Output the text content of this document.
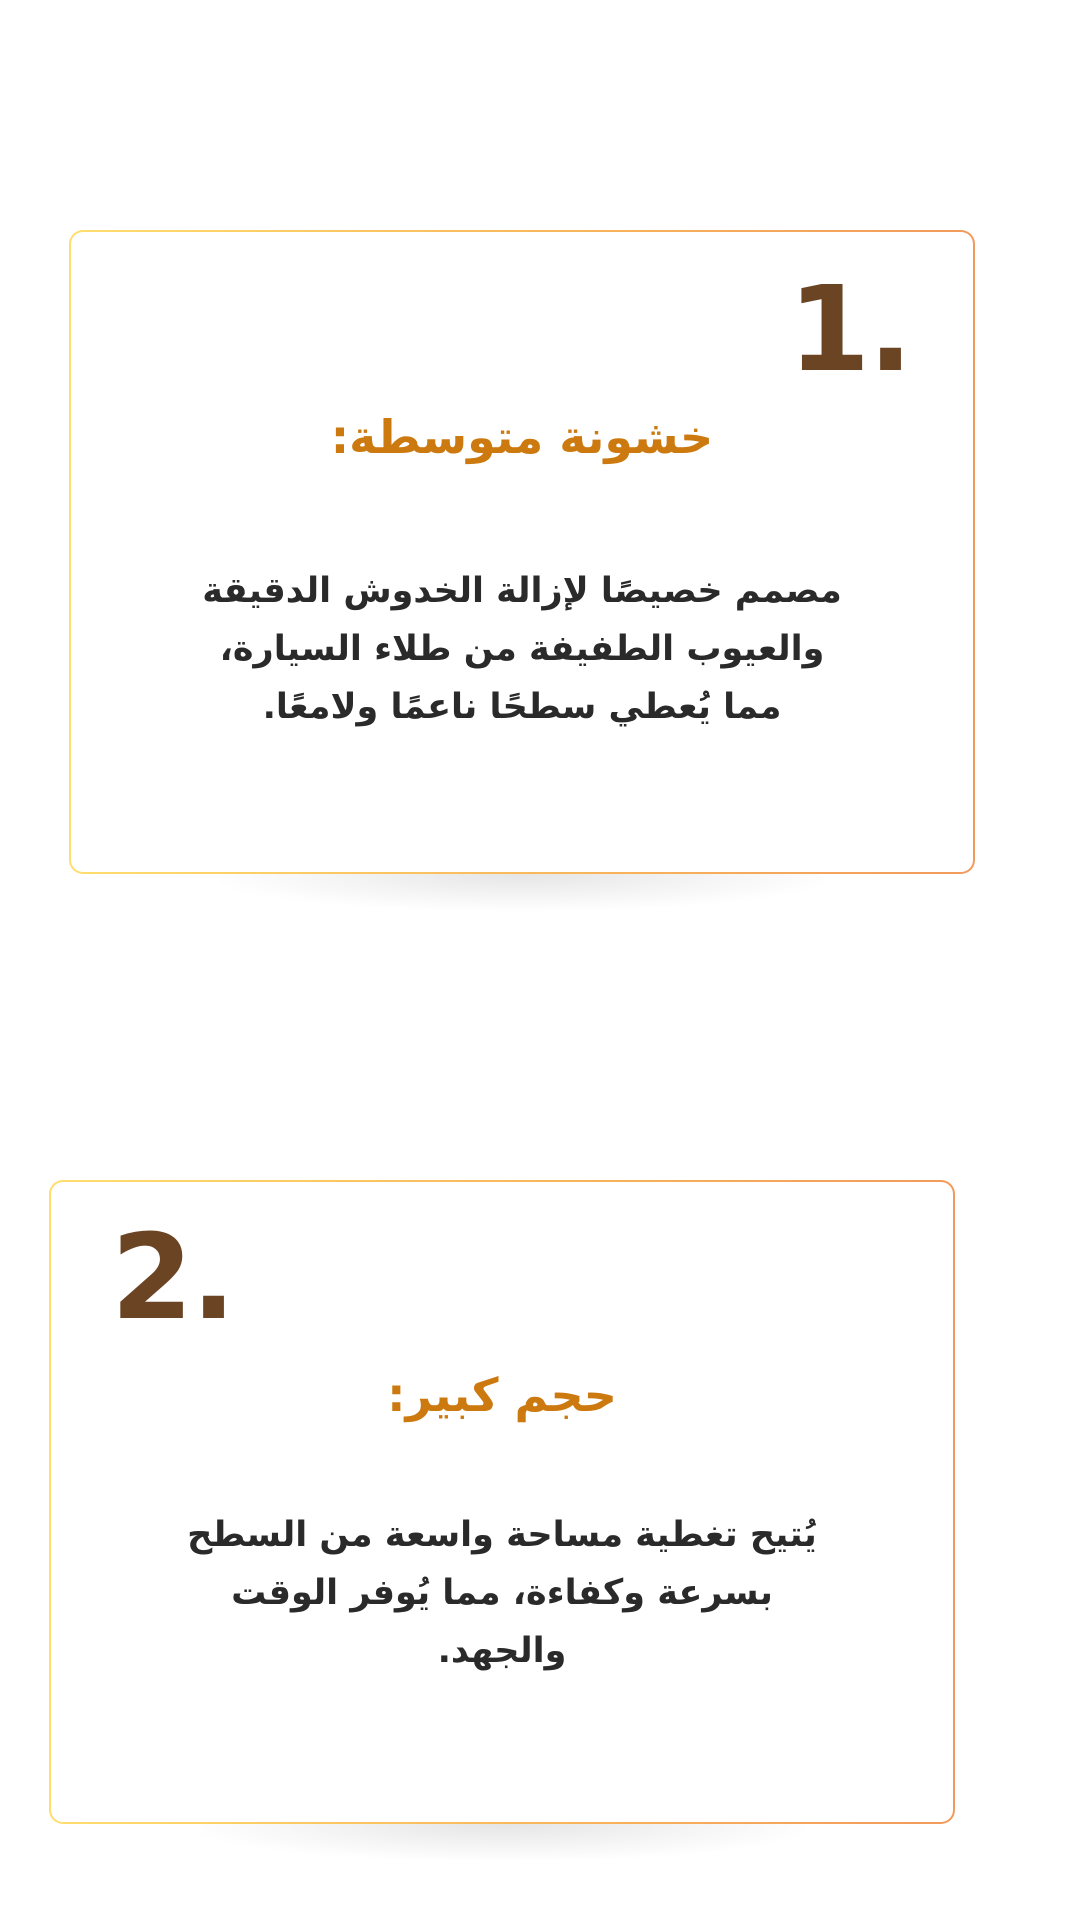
1.
خشونة متوسطة:
مصمم خصيصًا لإزالة الخدوش الدقيقة والعيوب الطفيفة من طلاء السيارة، مما يُعطي سطحًا ناعمًا ولامعًا.
2.
حجم كبير:
يُتيح تغطية مساحة واسعة من السطح بسرعة وكفاءة، مما يُوفر الوقت والجهد.
